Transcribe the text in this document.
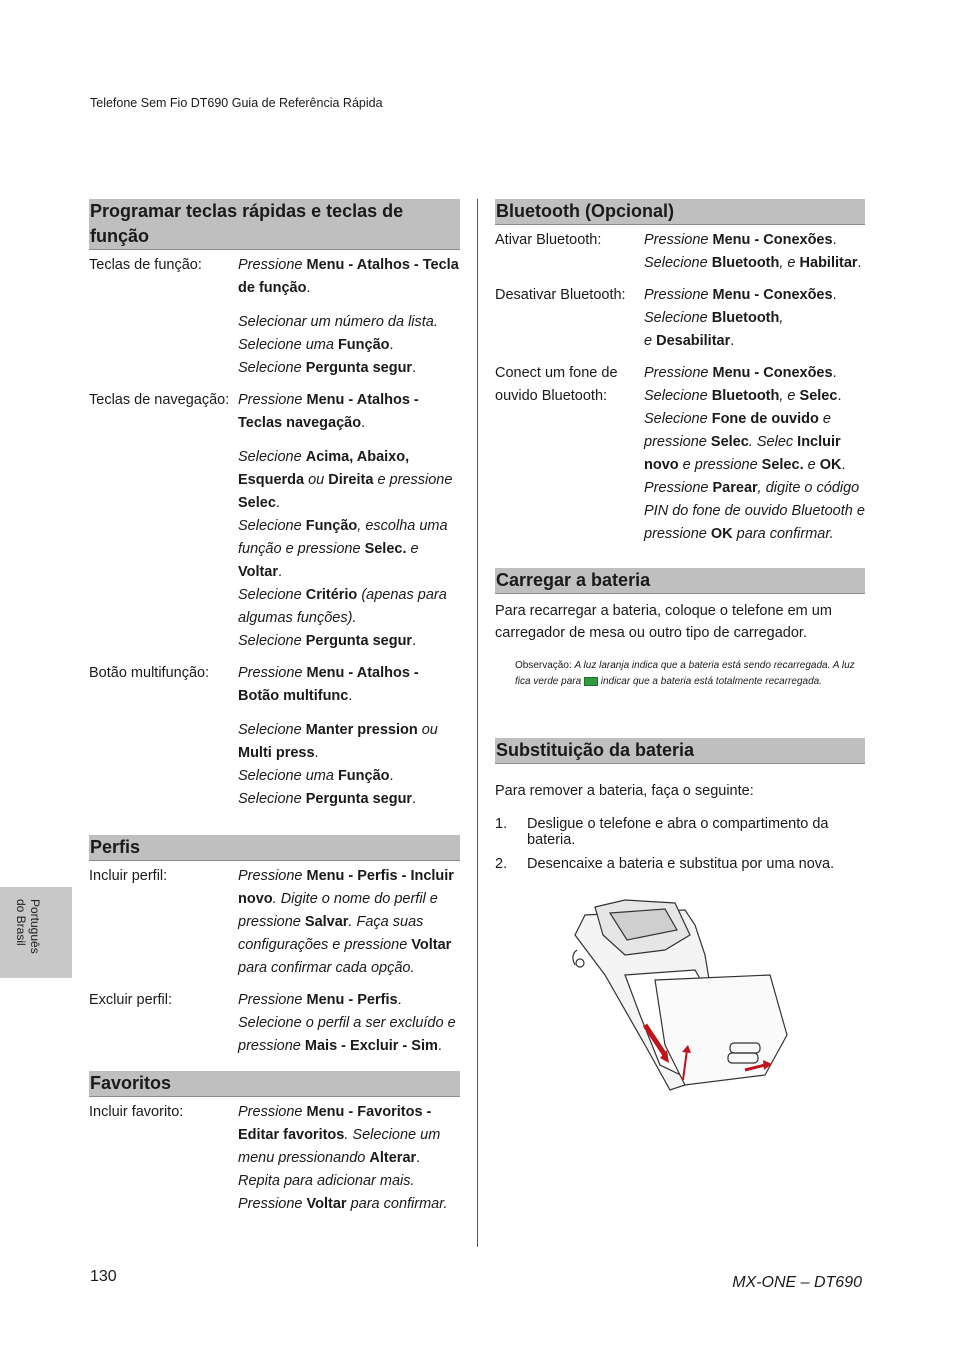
Telefone Sem Fio DT690 Guia de Referência Rápida
Programar teclas rápidas e teclas de função
Teclas de função:	Pressione Menu - Atalhos - Tecla de função.
Selecionar um número da lista.
Selecione uma Função.
Selecione Pergunta segur.
Teclas de navegação: Pressione Menu - Atalhos - Teclas navegação.
Selecione Acima, Abaixo, Esquerda ou Direita e pressione Selec.
Selecione Função, escolha uma função e pressione Selec. e Voltar.
Selecione Critério (apenas para algumas funções).
Selecione Pergunta segur.
Botão multifunção:	Pressione Menu - Atalhos - Botão multifunc.
Selecione Manter pression ou Multi press.
Selecione uma Função.
Selecione Pergunta segur.
Perfis
Incluir perfil:	Pressione Menu - Perfis - Incluir novo. Digite o nome do perfil e pressione Salvar. Faça suas configurações e pressione Voltar para confirmar cada opção.
Excluir perfil:	Pressione Menu - Perfis.
Selecione o perfil a ser excluído e pressione Mais - Excluir - Sim.
Favoritos
Incluir favorito:	Pressione Menu - Favoritos - Editar favoritos. Selecione um menu pressionando Alterar.
Repita para adicionar mais.
Pressione Voltar para confirmar.
Bluetooth (Opcional)
Ativar Bluetooth:	Pressione Menu - Conexões.
Selecione Bluetooth, e Habilitar.
Desativar Bluetooth:	Pressione Menu - Conexões.
Selecione Bluetooth,
e Desabilitar.
Conect um fone de ouvido Bluetooth:
Pressione Menu - Conexões.
Selecione Bluetooth, e Selec.
Selecione Fone de ouvido e pressione Selec. Selec Incluir novo e pressione Selec. e OK.
Pressione Parear, digite o código PIN do fone de ouvido Bluetooth e pressione OK para confirmar.
Carregar a bateria

Para recarregar a bateria, coloque o telefone em um carregador de mesa ou outro tipo de carregador.

Observação: A luz laranja indica que a bateria está sendo recarregada. A luz fica verde para indicar que a bateria está totalmente recarregada.

Substituição da bateria

Para remover a bateria, faça o seguinte:

1.	Desligue o telefone e abra o compartimento da bateria.
2.	Desencaixe a bateria e substitua por uma nova.
Português
do Brasil
130	MX-ONE – DT690
